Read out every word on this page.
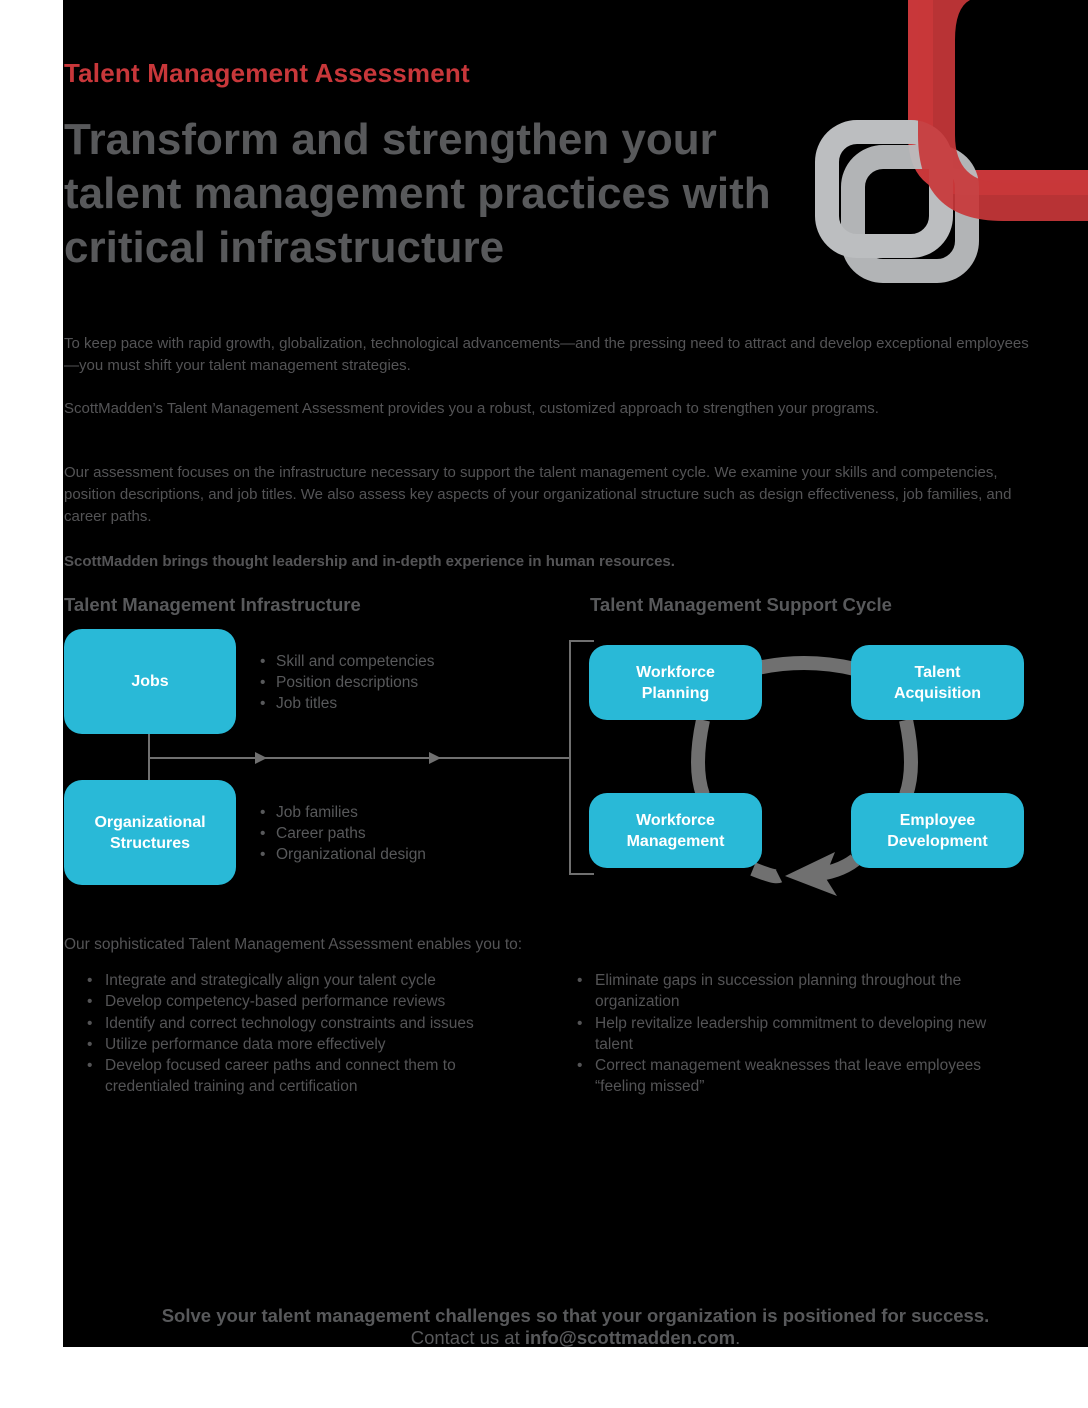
Talent Management Assessment

Transform and strengthen your talent management practices with critical infrastructure

To keep pace with rapid growth, globalization, technological advancements—and the pressing need to attract and develop exceptional employees—you must shift your talent management strategies.

ScottMadden’s Talent Management Assessment provides you a robust, customized approach to strengthen your programs.

Our assessment focuses on the infrastructure necessary to support the talent management cycle. We examine your skills and competencies, position descriptions, and job titles. We also assess key aspects of your organizational structure such as design effectiveness, job families, and career paths.

ScottMadden brings thought leadership and in-depth experience in human resources.

Talent Management Infrastructure	Talent Management Support Cycle
Jobs
Organizational
Structures
• Skill and competencies
• Position descriptions
• Job titles
• Job families
• Career paths
• Organizational design
Workforce
Planning
Talent
Acquisition
Workforce
Management
Employee
Development

Our sophisticated Talent Management Assessment enables you to:

• Integrate and strategically align your talent cycle
• Develop competency-based performance reviews
• Identify and correct technology constraints and issues
• Utilize performance data more effectively
• Develop focused career paths and connect them to credentialed training and certification
• Eliminate gaps in succession planning throughout the organization
• Help revitalize leadership commitment to developing new talent
• Correct management weaknesses that leave employees “feeling missed”

Solve your talent management challenges so that your organization is positioned for success.

Contact us at info@scottmadden.com.
